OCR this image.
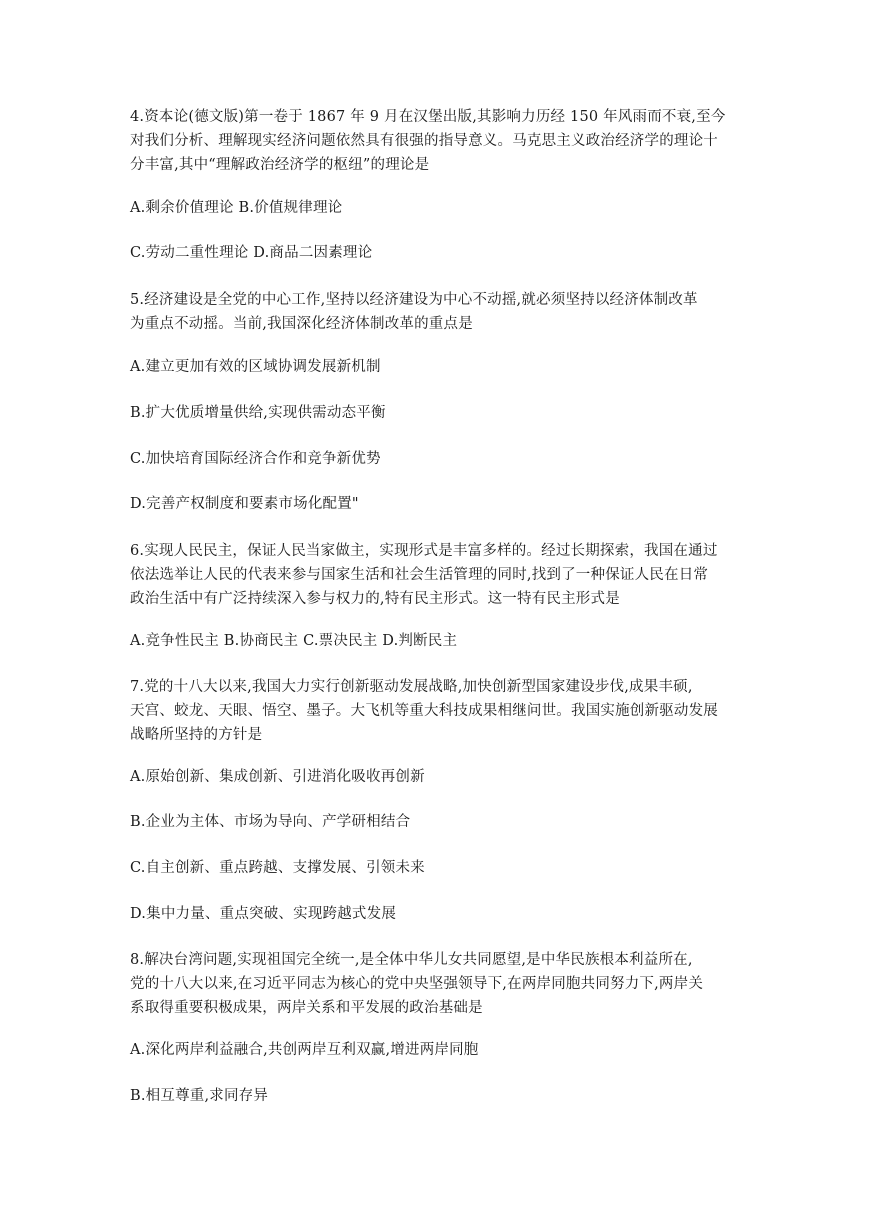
4.资本论(德文版)第一卷于 1867 年 9 月在汉堡出版,其影响力历经 150 年风雨而不衰,至今
对我们分析、理解现实经济问题依然具有很强的指导意义。马克思主义政治经济学的理论十
分丰富,其中“理解政治经济学的枢纽”的理论是
A.剩余价值理论 B.价值规律理论
C.劳动二重性理论 D.商品二因素理论
5.经济建设是全党的中心工作,坚持以经济建设为中心不动摇,就必须坚持以经济体制改革
为重点不动摇。当前,我国深化经济体制改革的重点是
A.建立更加有效的区域协调发展新机制
B.扩大优质增量供给,实现供需动态平衡
C.加快培育国际经济合作和竞争新优势
D.完善产权制度和要素市场化配置"
6.实现人民民主，保证人民当家做主，实现形式是丰富多样的。经过长期探索，我国在通过
依法选举让人民的代表来参与国家生活和社会生活管理的同时,找到了一种保证人民在日常
政治生活中有广泛持续深入参与权力的,特有民主形式。这一特有民主形式是
A.竞争性民主 B.协商民主 C.票决民主 D.判断民主
7.党的十八大以来,我国大力实行创新驱动发展战略,加快创新型国家建设步伐,成果丰硕,
天宫、蛟龙、天眼、悟空、墨子。大飞机等重大科技成果相继问世。我国实施创新驱动发展
战略所坚持的方针是
A.原始创新、集成创新、引进消化吸收再创新
B.企业为主体、市场为导向、产学研相结合
C.自主创新、重点跨越、支撑发展、引领未来
D.集中力量、重点突破、实现跨越式发展
8.解决台湾问题,实现祖国完全统一,是全体中华儿女共同愿望,是中华民族根本利益所在,
党的十八大以来,在习近平同志为核心的党中央坚强领导下,在两岸同胞共同努力下,两岸关
系取得重要积极成果，两岸关系和平发展的政治基础是
A.深化两岸利益融合,共创两岸互利双赢,增进两岸同胞
B.相互尊重,求同存异
